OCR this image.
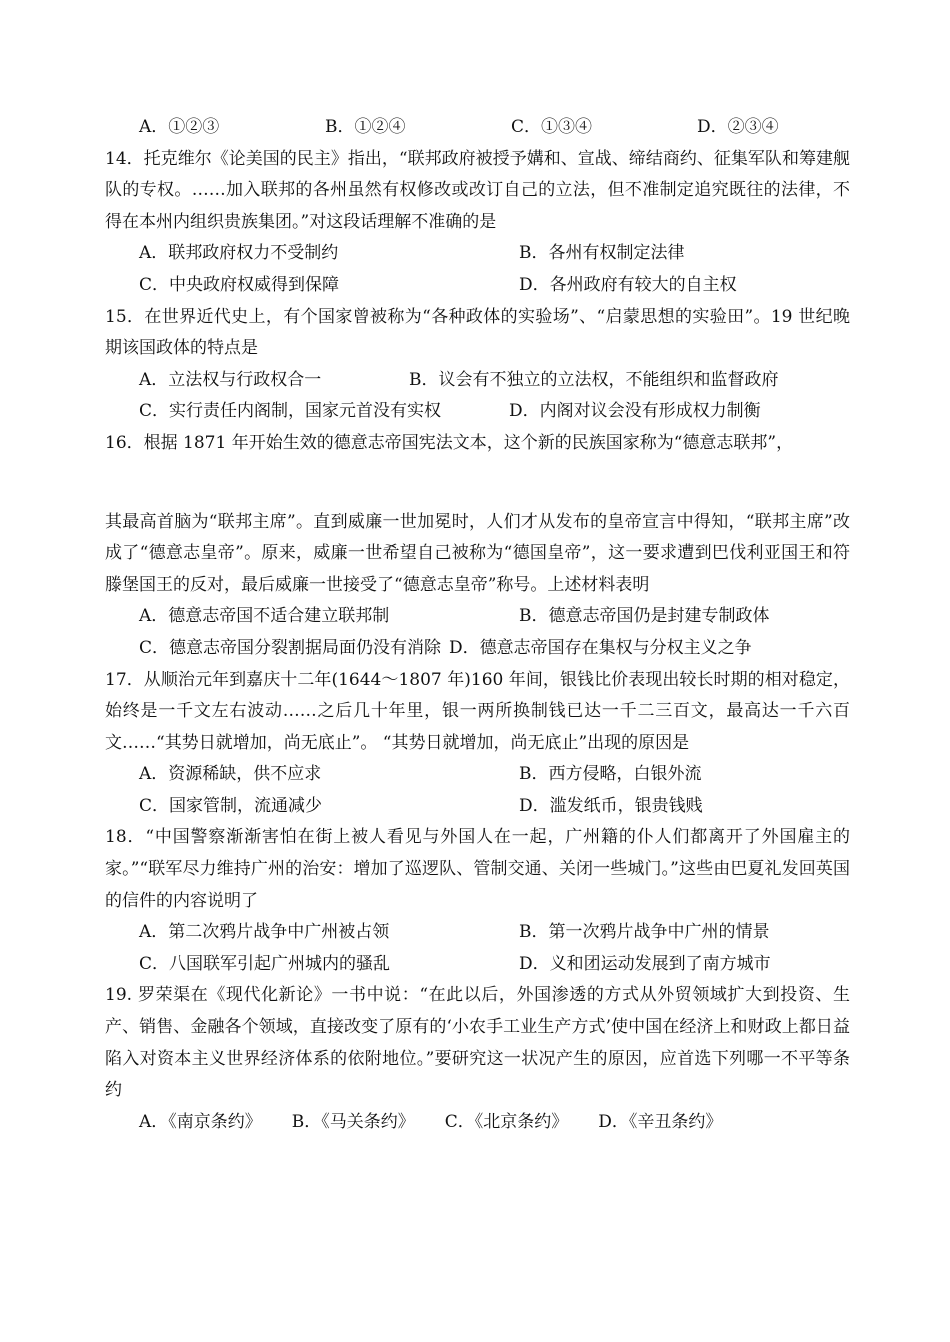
A．①②③	B．①②④	C．①③④	D．②③④
14．托克维尔《论美国的民主》指出，“联邦政府被授予媾和、宣战、缔结商约、征集军队和筹建舰队的专权。……加入联邦的各州虽然有权修改或改订自己的立法，但不准制定追究既往的法律，不得在本州内组织贵族集团。”对这段话理解不准确的是
A．联邦政府权力不受制约	B．各州有权制定法律
C．中央政府权威得到保障	D．各州政府有较大的自主权
15．在世界近代史上，有个国家曾被称为“各种政体的实验场”、“启蒙思想的实验田”。19 世纪晚期该国政体的特点是
A．立法权与行政权合一	B．议会有不独立的立法权，不能组织和监督政府
C．实行责任内阁制，国家元首没有实权	D．内阁对议会没有形成权力制衡
16．根据 1871 年开始生效的德意志帝国宪法文本，这个新的民族国家称为“德意志联邦”，
其最高首脑为“联邦主席”。直到威廉一世加冕时，人们才从发布的皇帝宣言中得知，“联邦主席”改成了“德意志皇帝”。原来，威廉一世希望自己被称为“德国皇帝”，这一要求遭到巴伐利亚国王和符滕堡国王的反对，最后威廉一世接受了“德意志皇帝”称号。上述材料表明
A．德意志帝国不适合建立联邦制	B．德意志帝国仍是封建专制政体
C．德意志帝国分裂割据局面仍没有消除 D．德意志帝国存在集权与分权主义之争
17．从顺治元年到嘉庆十二年(1644～1807 年)160 年间，银钱比价表现出较长时期的相对稳定，始终是一千文左右波动……之后几十年里，银一两所换制钱已达一千二三百文，最高达一千六百文……“其势日就增加，尚无底止”。 “其势日就增加，尚无底止”出现的原因是
A．资源稀缺，供不应求	B．西方侵略，白银外流
C．国家管制，流通减少	D．滥发纸币，银贵钱贱
18．“中国警察渐渐害怕在街上被人看见与外国人在一起，广州籍的仆人们都离开了外国雇主的家。”“联军尽力维持广州的治安：增加了巡逻队、管制交通、关闭一些城门。”这些由巴夏礼发回英国的信件的内容说明了
A．第二次鸦片战争中广州被占领	B．第一次鸦片战争中广州的情景
C．八国联军引起广州城内的骚乱	D．义和团运动发展到了南方城市
19. 罗荣渠在《现代化新论》一书中说：“在此以后，外国渗透的方式从外贸领域扩大到投资、生产、销售、金融各个领域，直接改变了原有的‘小农手工业生产方式’使中国在经济上和财政上都日益陷入对资本主义世界经济体系的依附地位。”要研究这一状况产生的原因，应首选下列哪一不平等条约
A．《南京条约》 B．《马关条约》 C．《北京条约》 D．《辛丑条约》
